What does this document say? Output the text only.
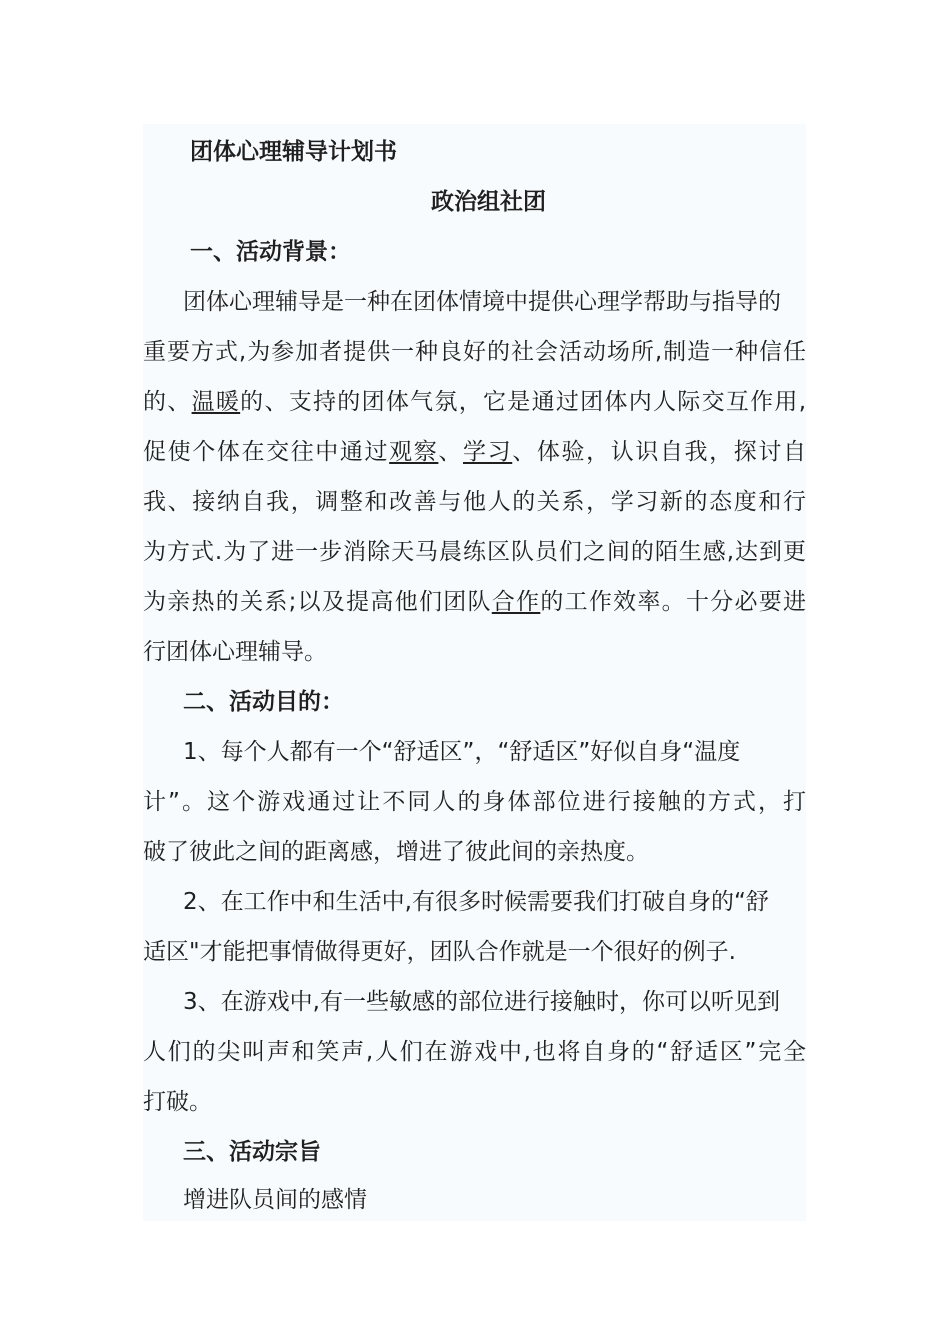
团体心理辅导计划书
政治组社团
一、活动背景：
团体心理辅导是一种在团体情境中提供心理学帮助与指导的
重要方式,为参加者提供一种良好的社会活动场所,制造一种信任
的、温暖的、支持的团体气氛，它是通过团体内人际交互作用,
促使个体在交往中通过观察、学习、体验，认识自我，探讨自
我、接纳自我，调整和改善与他人的关系，学习新的态度和行
为方式.为了进一步消除天马晨练区队员们之间的陌生感,达到更
为亲热的关系;以及提高他们团队合作的工作效率。十分必要进
行团体心理辅导。
二、活动目的：
1、每个人都有一个“舒适区”，“舒适区”好似自身“温度
计”。这个游戏通过让不同人的身体部位进行接触的方式，打
破了彼此之间的距离感，增进了彼此间的亲热度。
2、在工作中和生活中,有很多时候需要我们打破自身的“舒
适区"才能把事情做得更好，团队合作就是一个很好的例子.
3、在游戏中,有一些敏感的部位进行接触时，你可以听见到
人们的尖叫声和笑声,人们在游戏中,也将自身的“舒适区”完全
打破。
三、活动宗旨
增进队员间的感情
